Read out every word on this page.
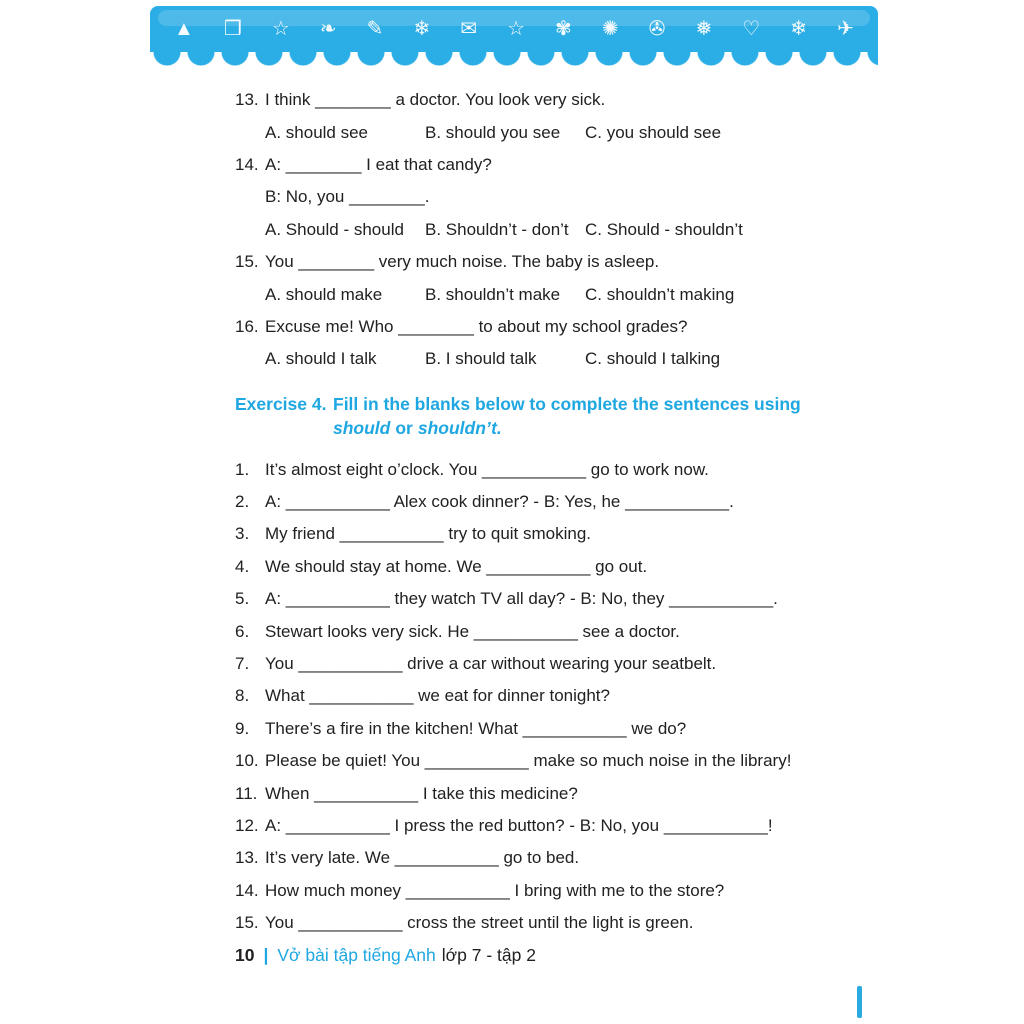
▲ ❒ ☆ ❧ ✎ ❄ ✉ ☆ ✾ ✺ ✇ ❅ ♡ ❄ ✈
13. I think ________ a doctor. You look very sick.
A. should see	B. should you see	C. you should see
14. A: ________ I eat that candy?
B: No, you ________.
A. Should - should	B. Shouldn’t - don’t C. Should - shouldn’t
15. You ________ very much noise. The baby is asleep.
A. should make	B. shouldn’t make	C. shouldn’t making
16. Excuse me! Who ________ to about my school grades?
A. should I talk	B. I should talk	C. should I talking
Exercise 4. Fill in the blanks below to complete the sentences using
should or shouldn’t.
1. It’s almost eight o’clock. You ___________ go to work now.
2. A: ___________ Alex cook dinner? - B: Yes, he ___________.
3. My friend ___________ try to quit smoking.
4. We should stay at home. We ___________ go out.
5. A: ___________ they watch TV all day? - B: No, they ___________.
6. Stewart looks very sick. He ___________ see a doctor.
7. You ___________ drive a car without wearing your seatbelt.
8. What ___________ we eat for dinner tonight?
9. There’s a fire in the kitchen! What ___________ we do?
10. Please be quiet! You ___________ make so much noise in the library!
11. When ___________ I take this medicine?
12. A: ___________ I press the red button? - B: No, you ___________!
13. It’s very late. We ___________ go to bed.
14. How much money ___________ I bring with me to the store?
15. You ___________ cross the street until the light is green.
10 | Vở bài tập tiếng Anh lớp 7 - tập 2
